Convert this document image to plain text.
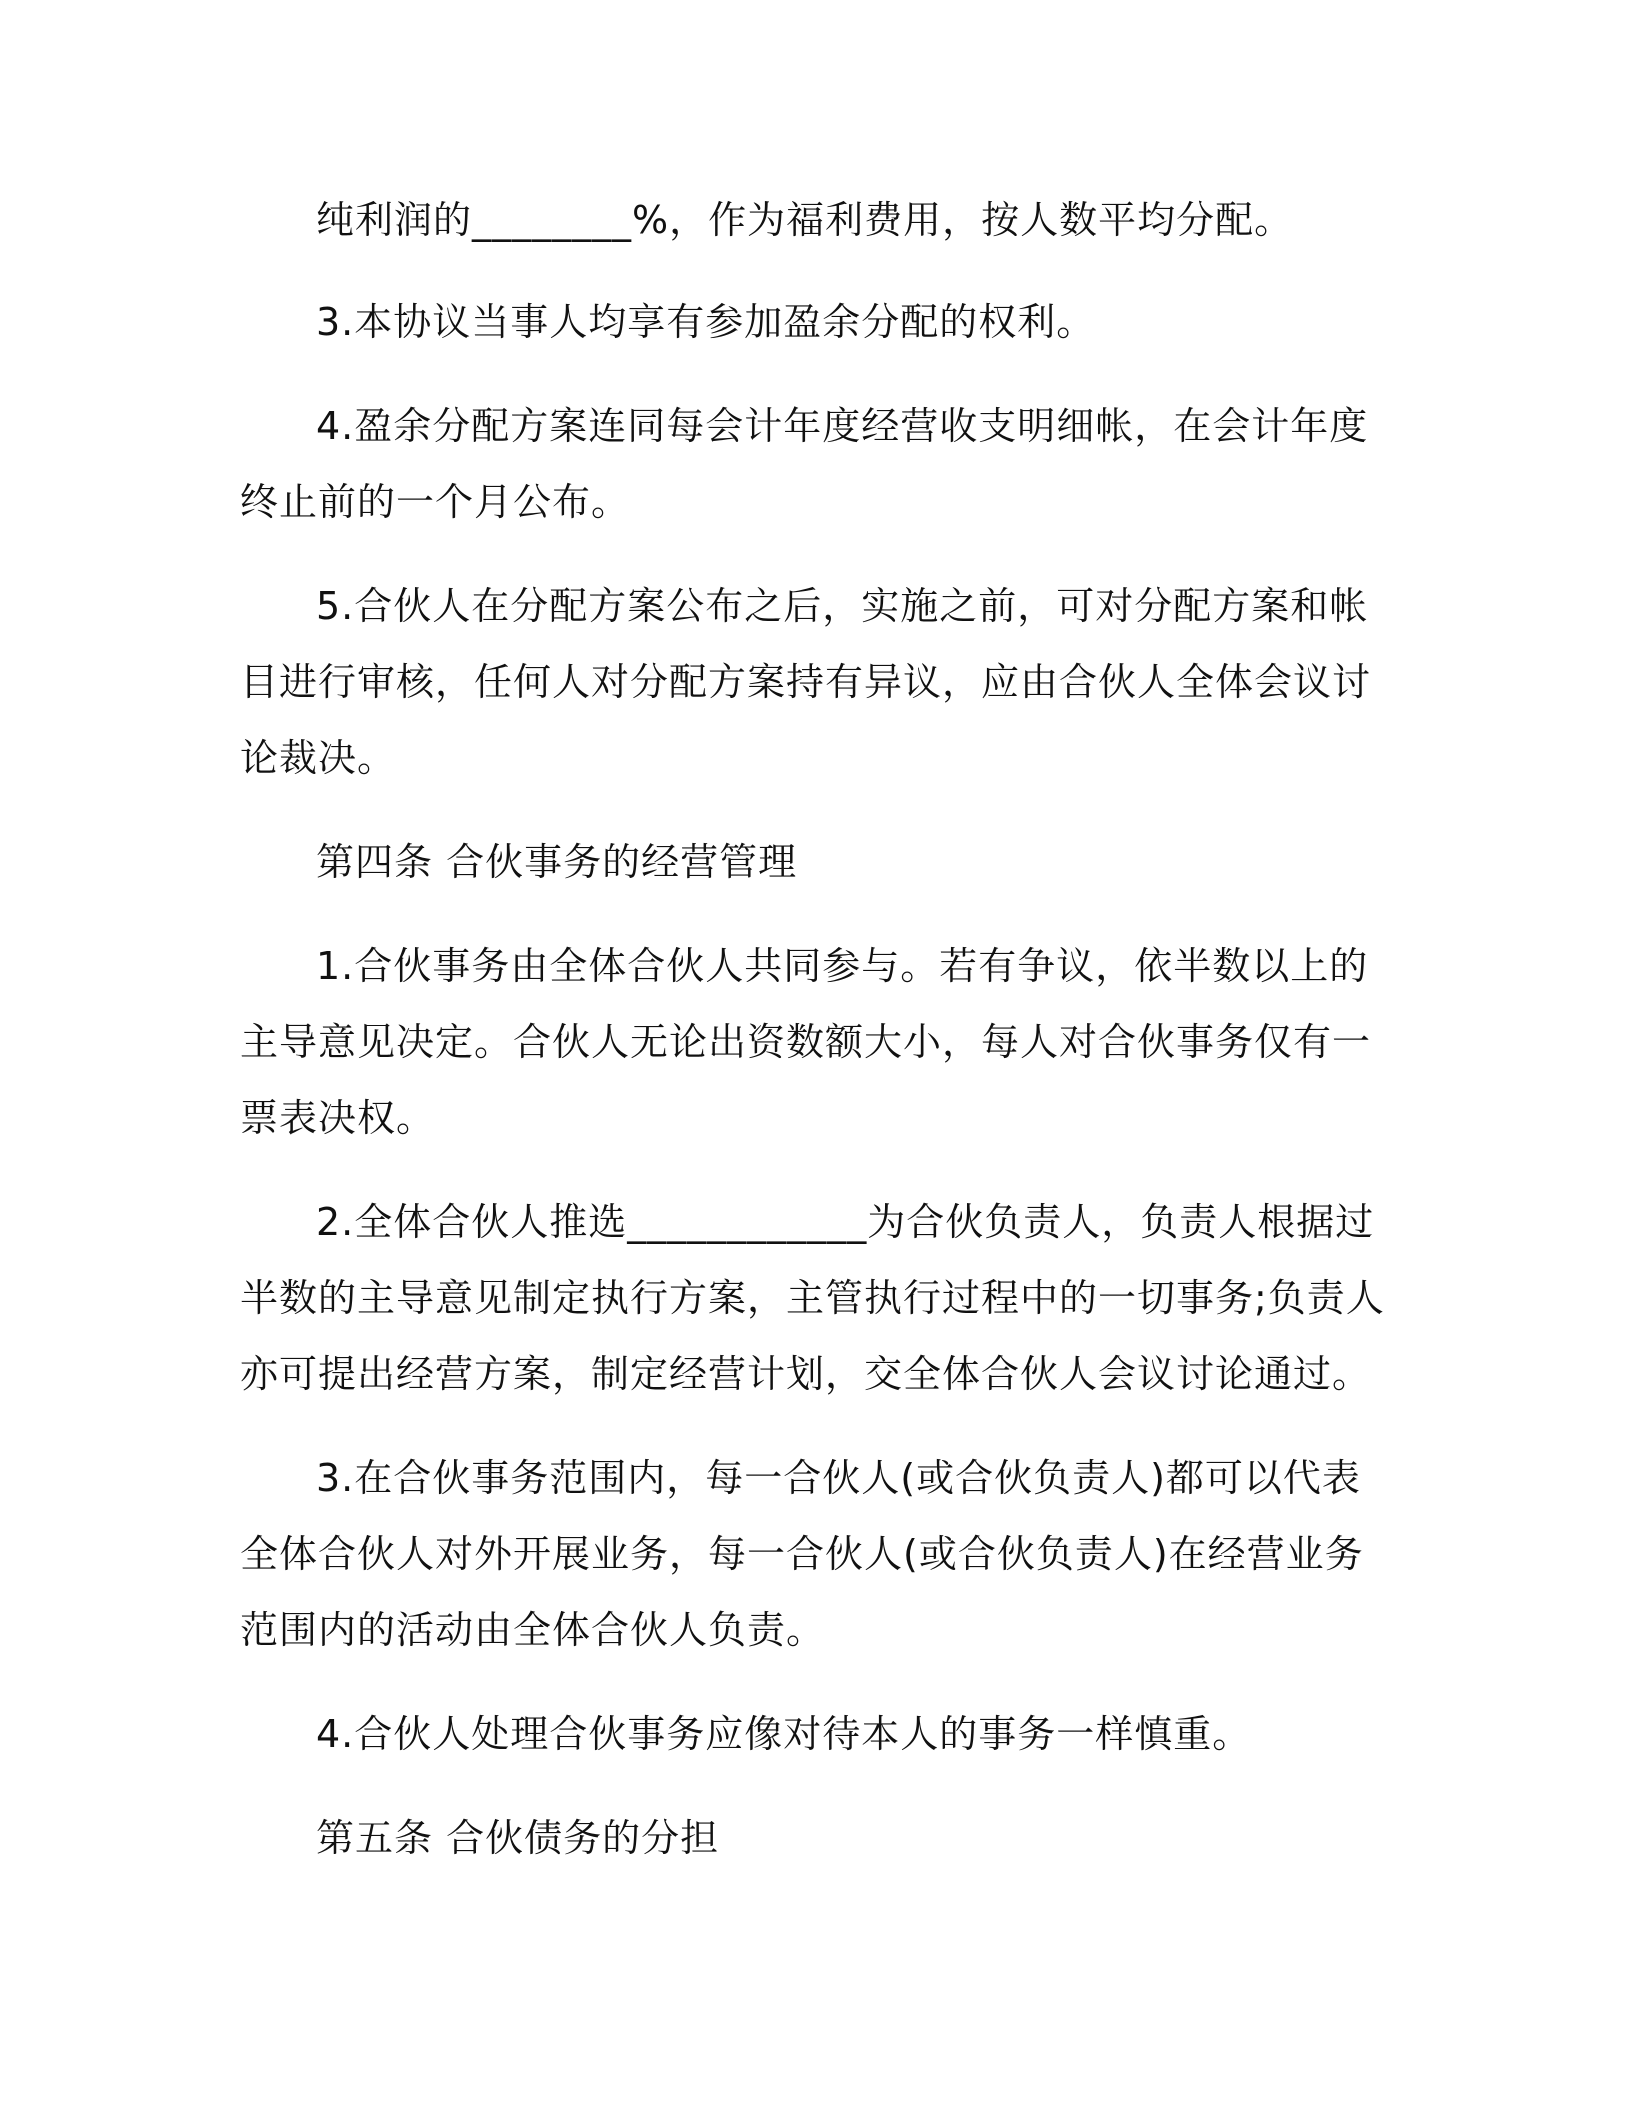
纯利润的________%，作为福利费用，按人数平均分配。

3.本协议当事人均享有参加盈余分配的权利。

4.盈余分配方案连同每会计年度经营收支明细帐，在会计年度终止前的一个月公布。

5.合伙人在分配方案公布之后，实施之前，可对分配方案和帐目进行审核，任何人对分配方案持有异议，应由合伙人全体会议讨论裁决。

第四条 合伙事务的经营管理

1.合伙事务由全体合伙人共同参与。若有争议，依半数以上的主导意见决定。合伙人无论出资数额大小，每人对合伙事务仅有一票表决权。

2.全体合伙人推选____________为合伙负责人，负责人根据过半数的主导意见制定执行方案，主管执行过程中的一切事务;负责人亦可提出经营方案，制定经营计划，交全体合伙人会议讨论通过。

3.在合伙事务范围内，每一合伙人(或合伙负责人)都可以代表全体合伙人对外开展业务，每一合伙人(或合伙负责人)在经营业务范围内的活动由全体合伙人负责。

4.合伙人处理合伙事务应像对待本人的事务一样慎重。

第五条 合伙债务的分担
